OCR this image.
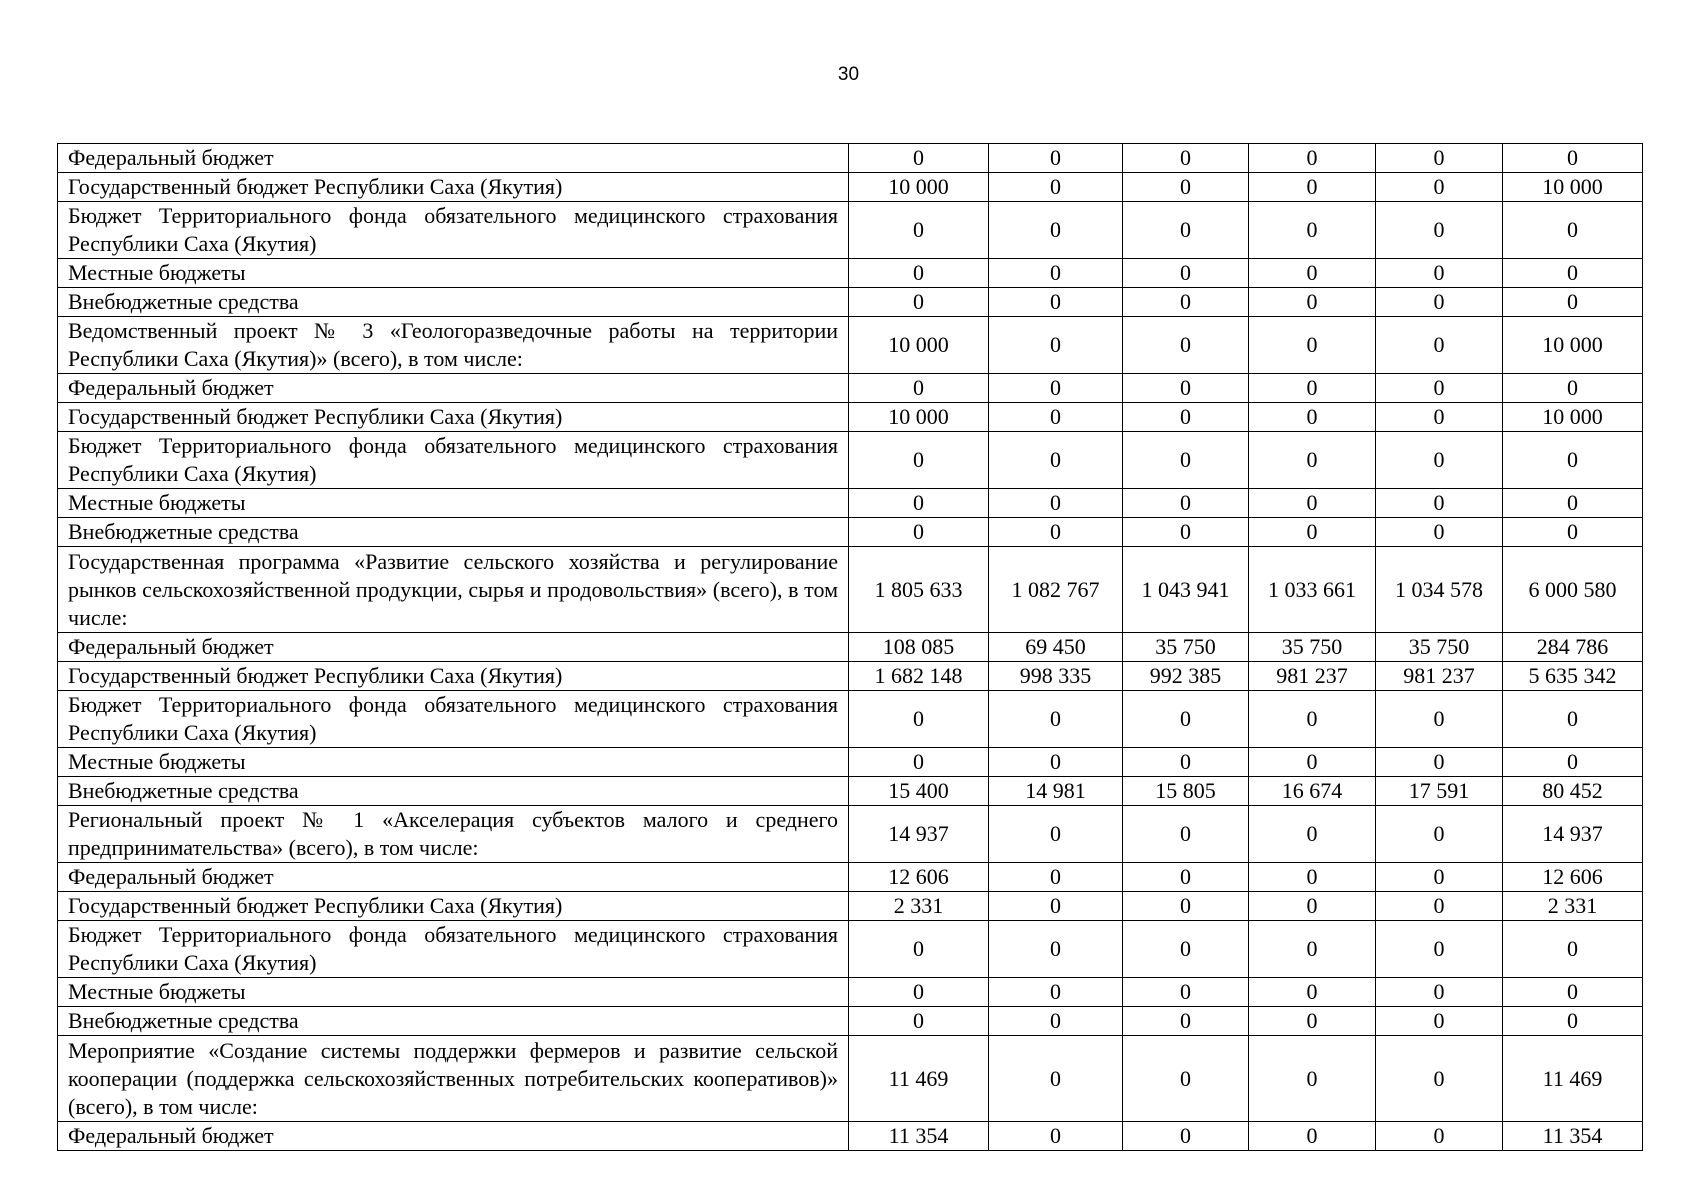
30
Федеральный бюджет	0	0	0	0	0	0
Государственный бюджет Республики Саха (Якутия)	10 000	0	0	0	0	10 000
Бюджет Территориального фонда обязательного медицинского страхования Республики Саха (Якутия)	0	0	0	0	0	0
Местные бюджеты	0	0	0	0	0	0
Внебюджетные средства	0	0	0	0	0	0
Ведомственный проект № 3 «Геологоразведочные работы на территории Республики Саха (Якутия)» (всего), в том числе:	10 000	0	0	0	0	10 000
Федеральный бюджет	0	0	0	0	0	0
Государственный бюджет Республики Саха (Якутия)	10 000	0	0	0	0	10 000
Бюджет Территориального фонда обязательного медицинского страхования Республики Саха (Якутия)	0	0	0	0	0	0
Местные бюджеты	0	0	0	0	0	0
Внебюджетные средства	0	0	0	0	0	0
Государственная программа «Развитие сельского хозяйства и регулирование рынков сельскохозяйственной продукции, сырья и продовольствия» (всего), в том числе:	1 805 633	1 082 767	1 043 941	1 033 661	1 034 578	6 000 580
Федеральный бюджет	108 085	69 450	35 750	35 750	35 750	284 786
Государственный бюджет Республики Саха (Якутия)	1 682 148	998 335	992 385	981 237	981 237	5 635 342
Бюджет Территориального фонда обязательного медицинского страхования Республики Саха (Якутия)	0	0	0	0	0	0
Местные бюджеты	0	0	0	0	0	0
Внебюджетные средства	15 400	14 981	15 805	16 674	17 591	80 452
Региональный проект № 1 «Акселерация субъектов малого и среднего предпринимательства» (всего), в том числе:	14 937	0	0	0	0	14 937
Федеральный бюджет	12 606	0	0	0	0	12 606
Государственный бюджет Республики Саха (Якутия)	2 331	0	0	0	0	2 331
Бюджет Территориального фонда обязательного медицинского страхования Республики Саха (Якутия)	0	0	0	0	0	0
Местные бюджеты	0	0	0	0	0	0
Внебюджетные средства	0	0	0	0	0	0
Мероприятие «Создание системы поддержки фермеров и развитие сельской кооперации (поддержка сельскохозяйственных потребительских кооперативов)» (всего), в том числе:	11 469	0	0	0	0	11 469
Федеральный бюджет	11 354	0	0	0	0	11 354
